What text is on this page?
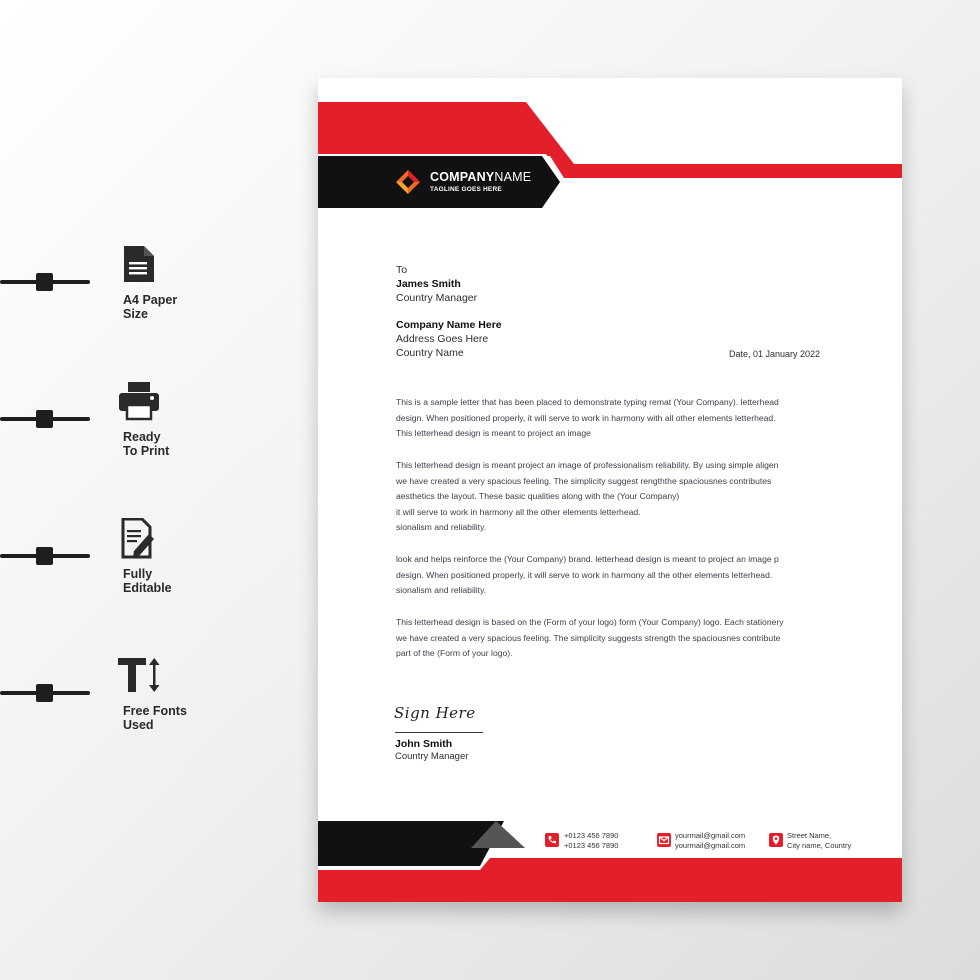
A4 Paper
Size
Ready
To Print
Fully
Editable
Free Fonts
Used
COMPANYNAME
TAGLINE GOES HERE
To
James Smith
Country Manager
Company Name Here
Address Goes Here
Country Name	Date, 01 January 2022
This is a sample letter that has been placed to demonstrate typing remat (Your Company). letterhead
design. When positioned properly, it will serve to work in harmony with all other elements letterhead.
This letterhead design is meant to project an image
This letterhead design is meant project an image of professionalism reliability. By using simple aligen
we have created a very spacious feeling. The simplicity suggest rengththe spaciousnes contributes
aesthetics the layout. These basic qualities along with the (Your Company)
it will serve to work in harmony all the other elements letterhead.
sionalism and reliability.
look and helps reinforce the (Your Company) brand. letterhead design is meant to project an image p
design. When positioned properly, it will serve to work in harmony all the other elements letterhead.
sionalism and reliability.
This letterhead design is based on the (Form of your logo) form (Your Company) logo. Each stationery
we have created a very spacious feeling. The simplicity suggests strength the spaciousnes contribute
part of the (Form of your logo).
Sign Here
John Smith
Country Manager
+0123 456 7890
+0123 456 7890
yourmail@gmail.com
yourmail@gmail.com
Street Name,
City name, Country
